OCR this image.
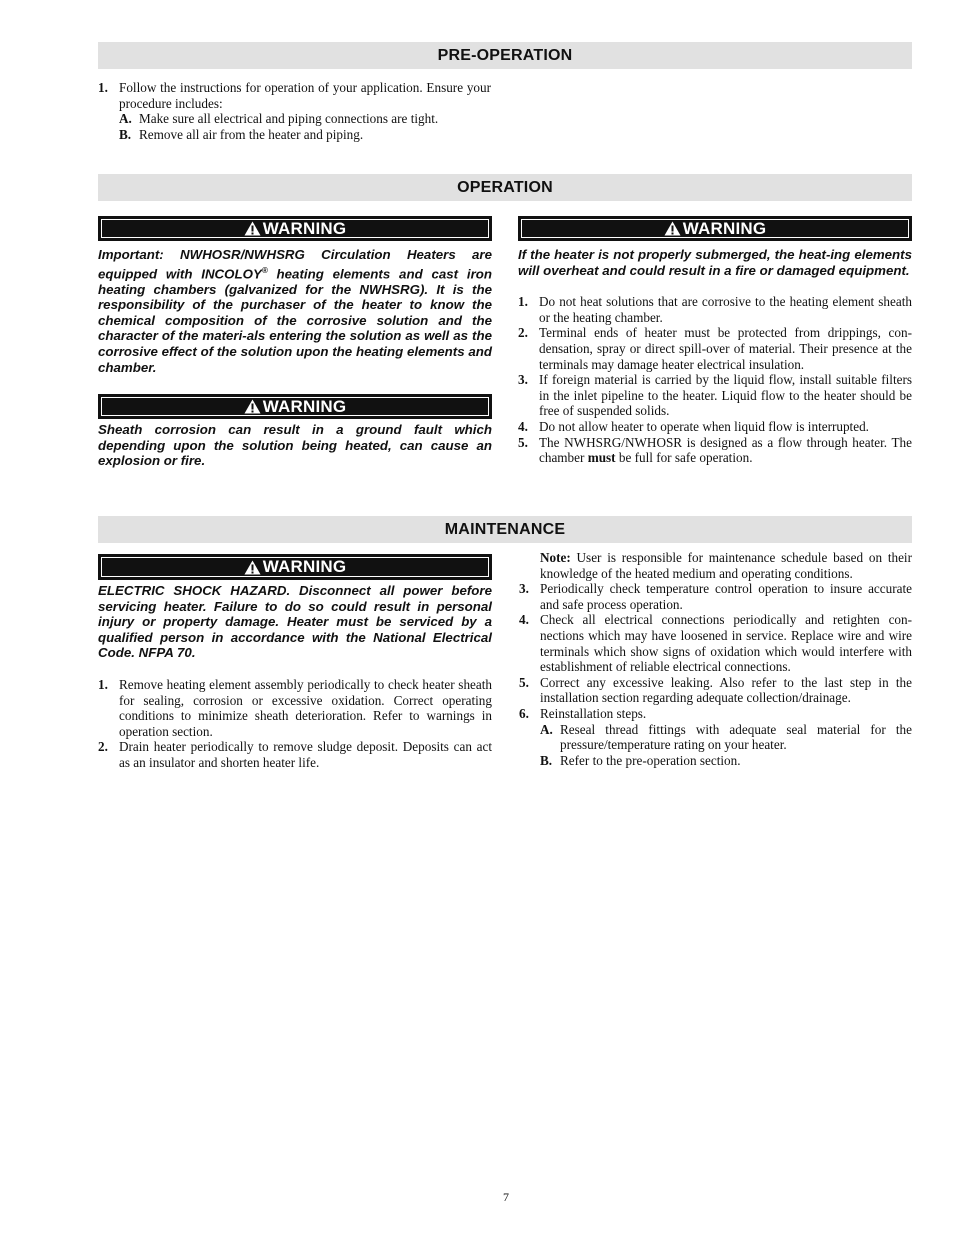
PRE-OPERATION
1. Follow the instructions for operation of your application. Ensure your procedure includes:
A. Make sure all electrical and piping connections are tight.
B. Remove all air from the heater and piping.
OPERATION
WARNING
Important: NWHOSR/NWHSRG Circulation Heaters are equipped with INCOLOY® heating elements and cast iron heating chambers (galvanized for the NWHSRG). It is the responsibility of the purchaser of the heater to know the chemical composition of the corrosive solution and the character of the materi-als entering the solution as well as the corrosive effect of the solution upon the heating elements and chamber.
WARNING
Sheath corrosion can result in a ground fault which depending upon the solution being heated, can cause an explosion or fire.
WARNING
If the heater is not properly submerged, the heat-ing elements will overheat and could result in a fire or damaged equipment.
1. Do not heat solutions that are corrosive to the heating element sheath or the heating chamber.
2. Terminal ends of heater must be protected from drippings, con-densation, spray or direct spill-over of material. Their presence at the terminals may damage heater electrical insulation.
3. If foreign material is carried by the liquid flow, install suitable filters in the inlet pipeline to the heater. Liquid flow to the heater should be free of suspended solids.
4. Do not allow heater to operate when liquid flow is interrupted.
5. The NWHSRG/NWHOSR is designed as a flow through heater. The chamber must be full for safe operation.
MAINTENANCE
WARNING
ELECTRIC SHOCK HAZARD. Disconnect all power before servicing heater. Failure to do so could result in personal injury or property damage. Heater must be serviced by a qualified person in accordance with the National Electrical Code. NFPA 70.
1. Remove heating element assembly periodically to check heater sheath for sealing, corrosion or excessive oxidation. Correct operating conditions to minimize sheath deterioration. Refer to warnings in operation section.
2. Drain heater periodically to remove sludge deposit. Deposits can act as an insulator and shorten heater life.
Note: User is responsible for maintenance schedule based on their knowledge of the heated medium and operating conditions.
3. Periodically check temperature control operation to insure accurate and safe process operation.
4. Check all electrical connections periodically and retighten con-nections which may have loosened in service. Replace wire and wire terminals which show signs of oxidation which would interfere with establishment of reliable electrical connections.
5. Correct any excessive leaking. Also refer to the last step in the installation section regarding adequate collection/drainage.
6. Reinstallation steps.
A. Reseal thread fittings with adequate seal material for the pressure/temperature rating on your heater.
B. Refer to the pre-operation section.
7
